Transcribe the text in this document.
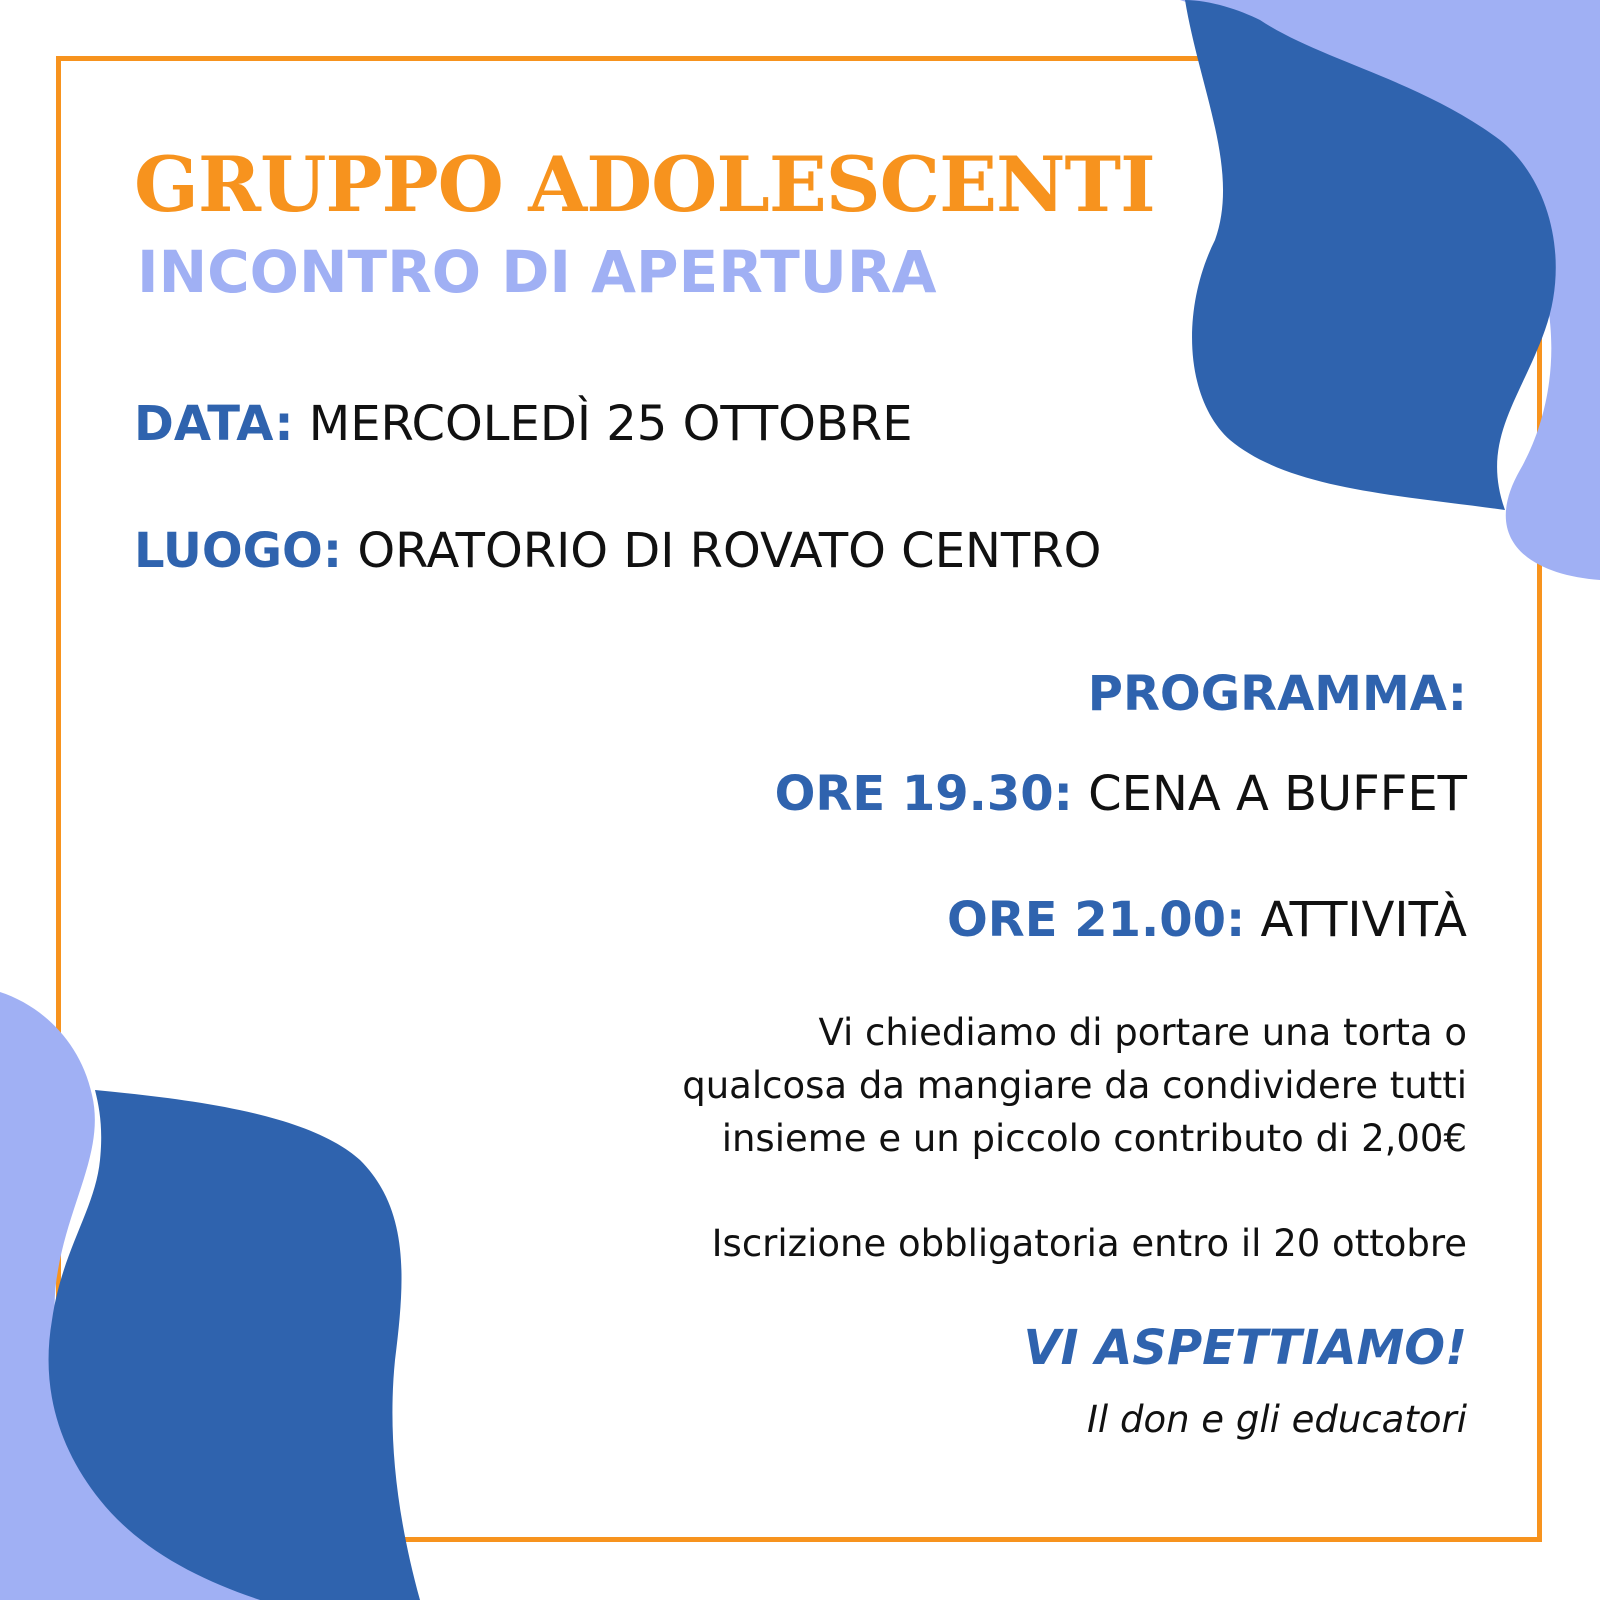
GRUPPO ADOLESCENTI
INCONTRO DI APERTURA
DATA: MERCOLEDÌ 25 OTTOBRE
LUOGO: ORATORIO DI ROVATO CENTRO
PROGRAMMA:
ORE 19.30: CENA A BUFFET
ORE 21.00: ATTIVITÀ
Vi chiediamo di portare una torta o
qualcosa da mangiare da condividere tutti
insieme e un piccolo contributo di 2,00€
Iscrizione obbligatoria entro il 20 ottobre
VI ASPETTIAMO!
Il don e gli educatori
